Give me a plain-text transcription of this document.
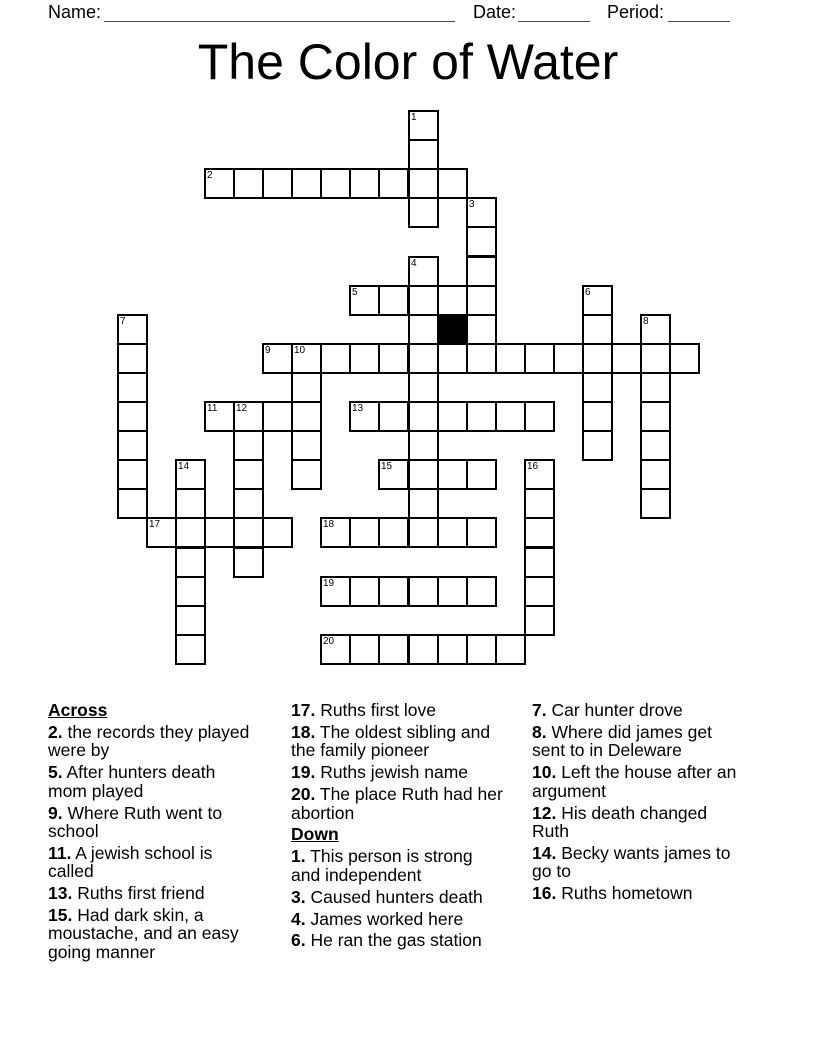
Name:	Date:	Period:
The Color of Water
1
2
3
4
5	6
7	8
9	10
11	12	13
14	15	16
17	18
19
20
Across

2. the records they played
were by

5. After hunters death
mom played

9. Where Ruth went to
school

11. A jewish school is
called

13. Ruths first friend

15. Had dark skin, a
moustache, and an easy
going manner

17. Ruths first love

18. The oldest sibling and
the family pioneer

19. Ruths jewish name

20. The place Ruth had her
abortion

Down

1. This person is strong
and independent

3. Caused hunters death

4. James worked here

6. He ran the gas station

7. Car hunter drove

8. Where did james get
sent to in Deleware

10. Left the house after an
argument

12. His death changed
Ruth

14. Becky wants james to
go to

16. Ruths hometown
